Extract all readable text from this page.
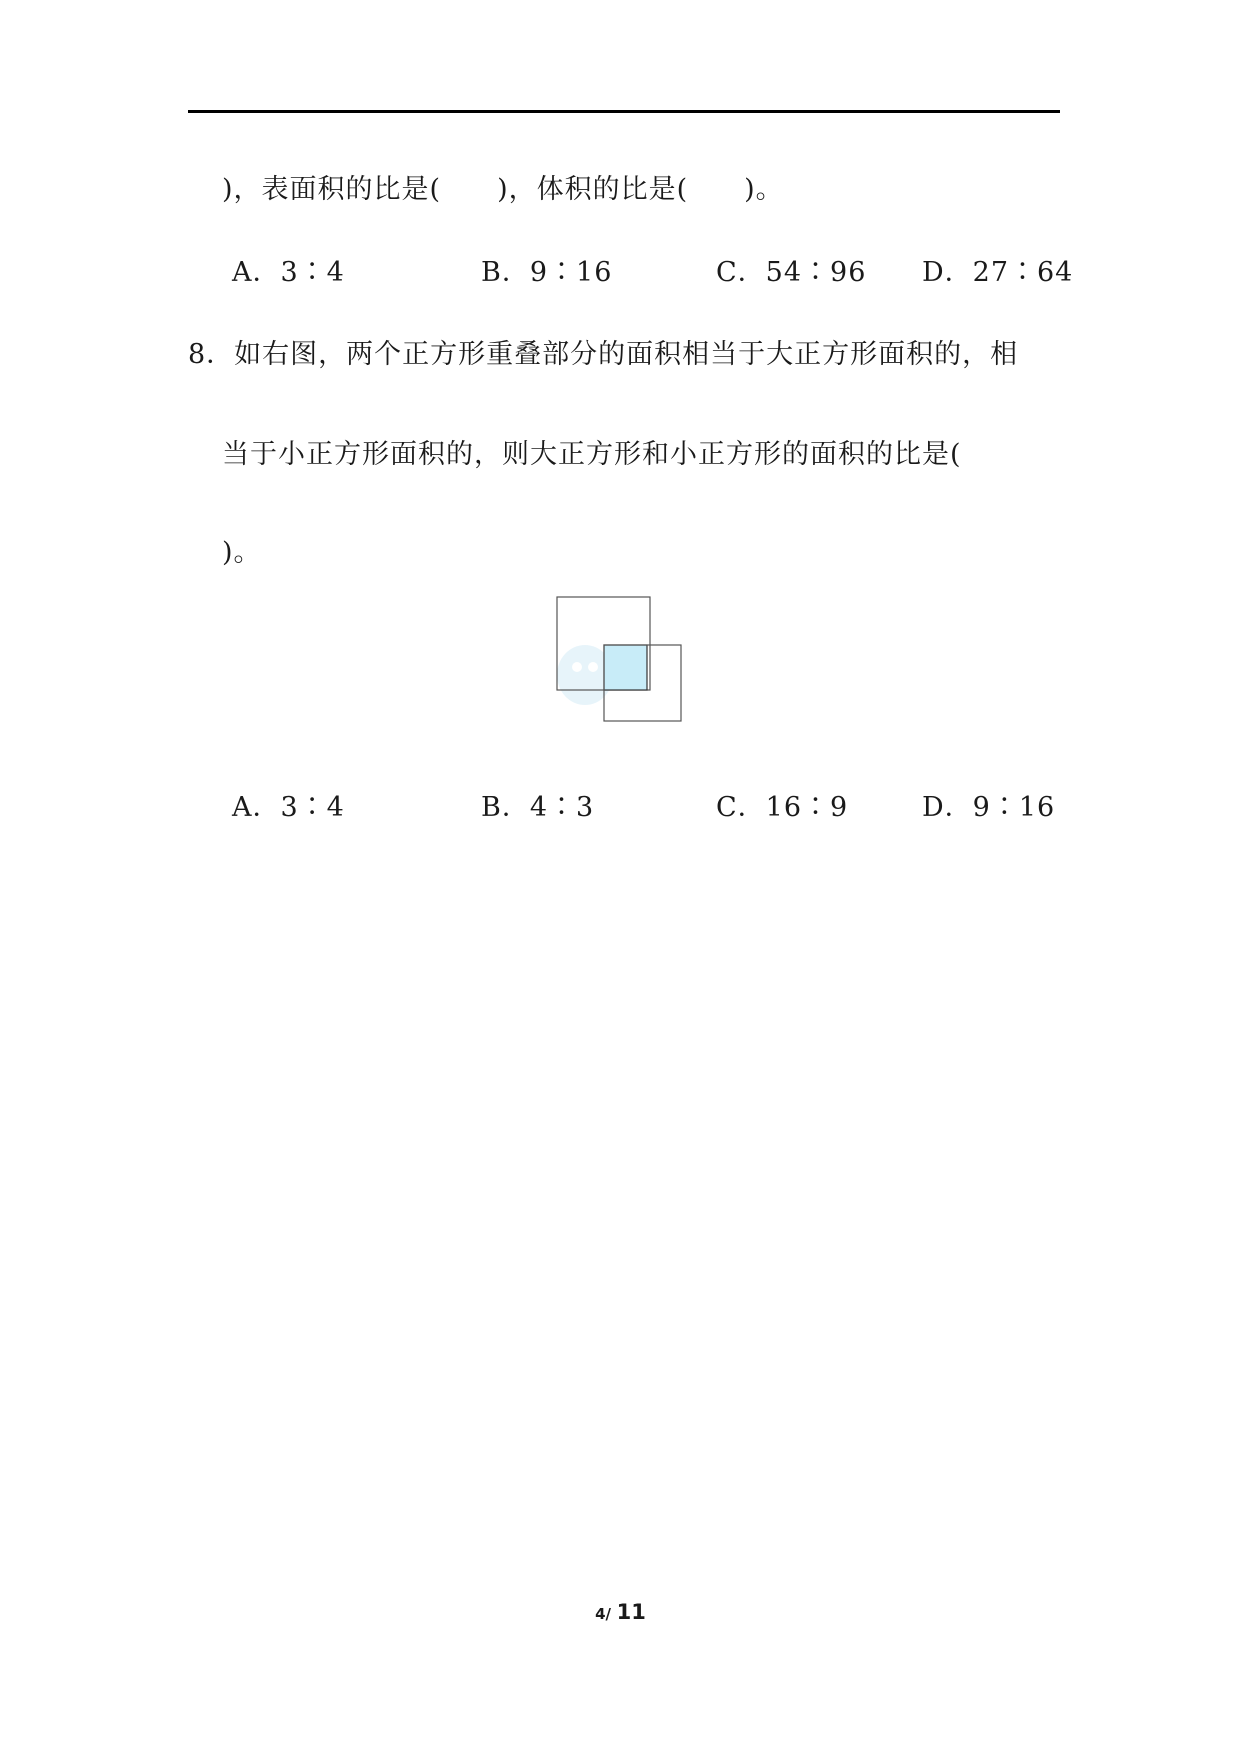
)，表面积的比是(　　)，体积的比是(　　)。
A．3∶4	B．9∶16	C．54∶96 D．27∶64
8．如右图，两个正方形重叠部分的面积相当于大正方形面积的，相
当于小正方形面积的，则大正方形和小正方形的面积的比是(
)。
A．3∶4	B．4∶3	C．16∶9	D．9∶16
4/ 11
